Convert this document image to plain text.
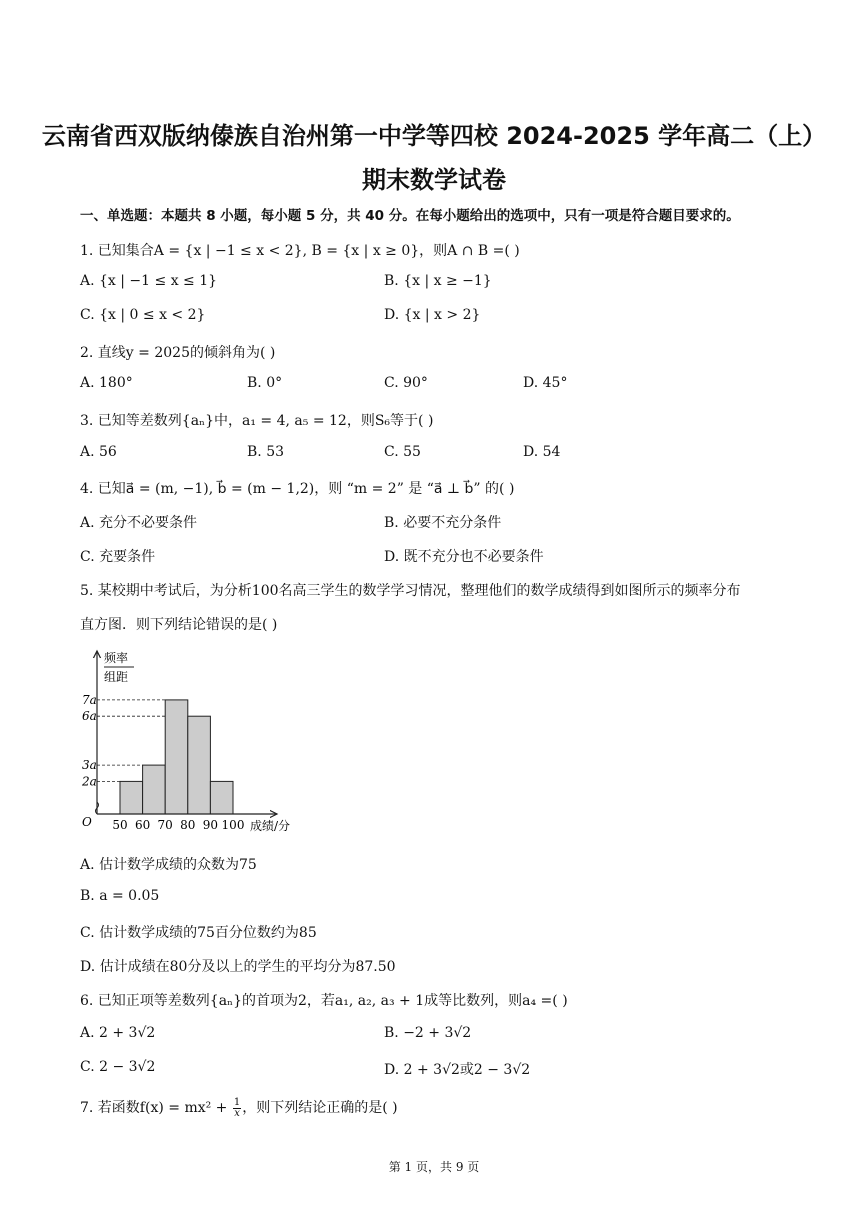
云南省西双版纳傣族自治州第一中学等四校 2024-2025 学年高二（上）
期末数学试卷
一、单选题：本题共 8 小题，每小题 5 分，共 40 分。在每小题给出的选项中，只有一项是符合题目要求的。
1. 已知集合A = {x | −1 ≤ x < 2}, B = {x | x ≥ 0}，则A ∩ B =( )
A. {x | −1 ≤ x ≤ 1}	B. {x | x ≥ −1}
C. {x | 0 ≤ x < 2}	D. {x | x > 2}
2. 直线y = 2025的倾斜角为( )
A. 180°	B. 0°	C. 90°	D. 45°
3. 已知等差数列{aₙ}中，a₁ = 4, a₅ = 12，则S₆等于( )
A. 56	B. 53	C. 55	D. 54
4. 已知a⃗ = (m, −1), b⃗ = (m − 1,2)，则 “m = 2” 是 “a⃗ ⊥ b⃗” 的( )
A. 充分不必要条件	B. 必要不充分条件
C. 充要条件	D. 既不充分也不必要条件
5. 某校期中考试后，为分析100名高三学生的数学学习情况，整理他们的数学成绩得到如图所示的频率分布
直方图．则下列结论错误的是( )
频率
组距
O
2a
3a
6a
7a
50 60 70 80 90 100 成绩/分
A. 估计数学成绩的众数为75
B. a = 0.05
C. 估计数学成绩的75百分位数约为85
D. 估计成绩在80分及以上的学生的平均分为87.50
6. 已知正项等差数列{aₙ}的首项为2，若a₁, a₂, a₃ + 1成等比数列，则a₄ =( )
A. 2 + 3√2	B. −2 + 3√2
C. 2 − 3√2	D. 2 + 3√2或2 − 3√2
7. 若函数$f(x) = mx^2 + \frac{1}{x}$ ，则下列结论正确的是( )
第 1 页，共 9 页
